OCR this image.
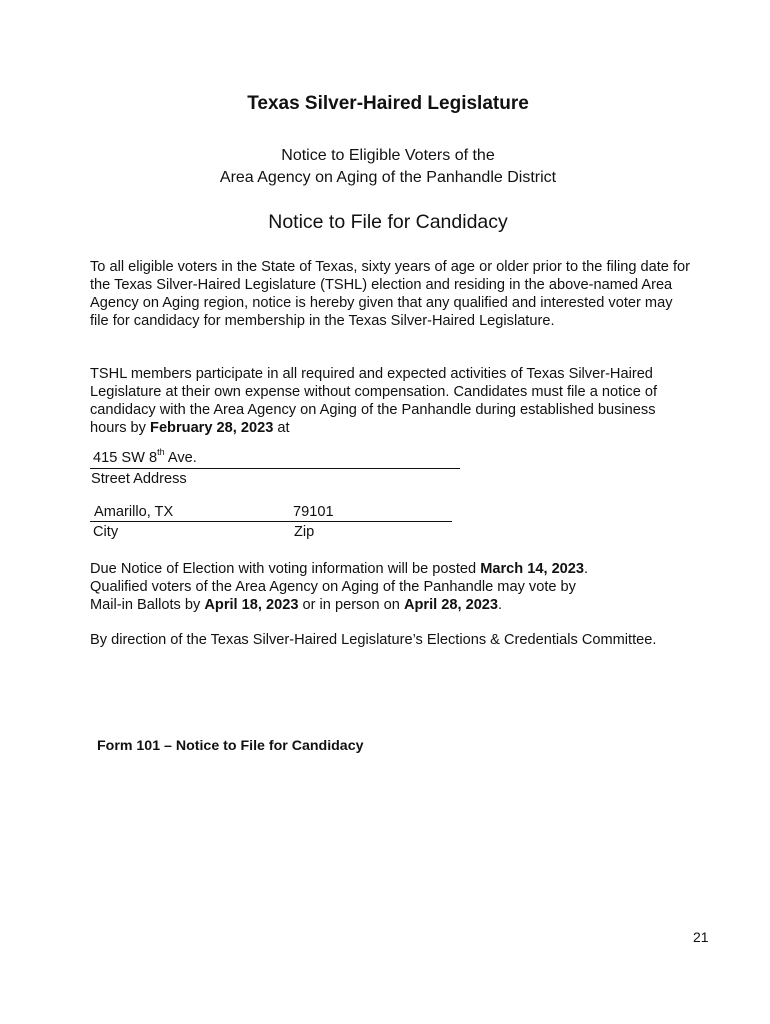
Texas Silver-Haired Legislature
Notice to Eligible Voters of the
Area Agency on Aging of the Panhandle District
Notice to File for Candidacy

To all eligible voters in the State of Texas, sixty years of age or older prior to the filing date for the Texas Silver-Haired Legislature (TSHL) election and residing in the above-named Area Agency on Aging region, notice is hereby given that any qualified and interested voter may file for candidacy for membership in the Texas Silver-Haired Legislature.

TSHL members participate in all required and expected activities of Texas Silver-Haired Legislature at their own expense without compensation. Candidates must file a notice of candidacy with the Area Agency on Aging of the Panhandle during established business hours by February 28, 2023 at

415 SW 8th Ave.
Street Address
Amarillo, TX	79101
City	Zip

Due Notice of Election with voting information will be posted March 14, 2023.
Qualified voters of the Area Agency on Aging of the Panhandle may vote by
Mail-in Ballots by April 18, 2023 or in person on April 28, 2023.

By direction of the Texas Silver-Haired Legislature’s Elections & Credentials Committee.

Form 101 – Notice to File for Candidacy
21
